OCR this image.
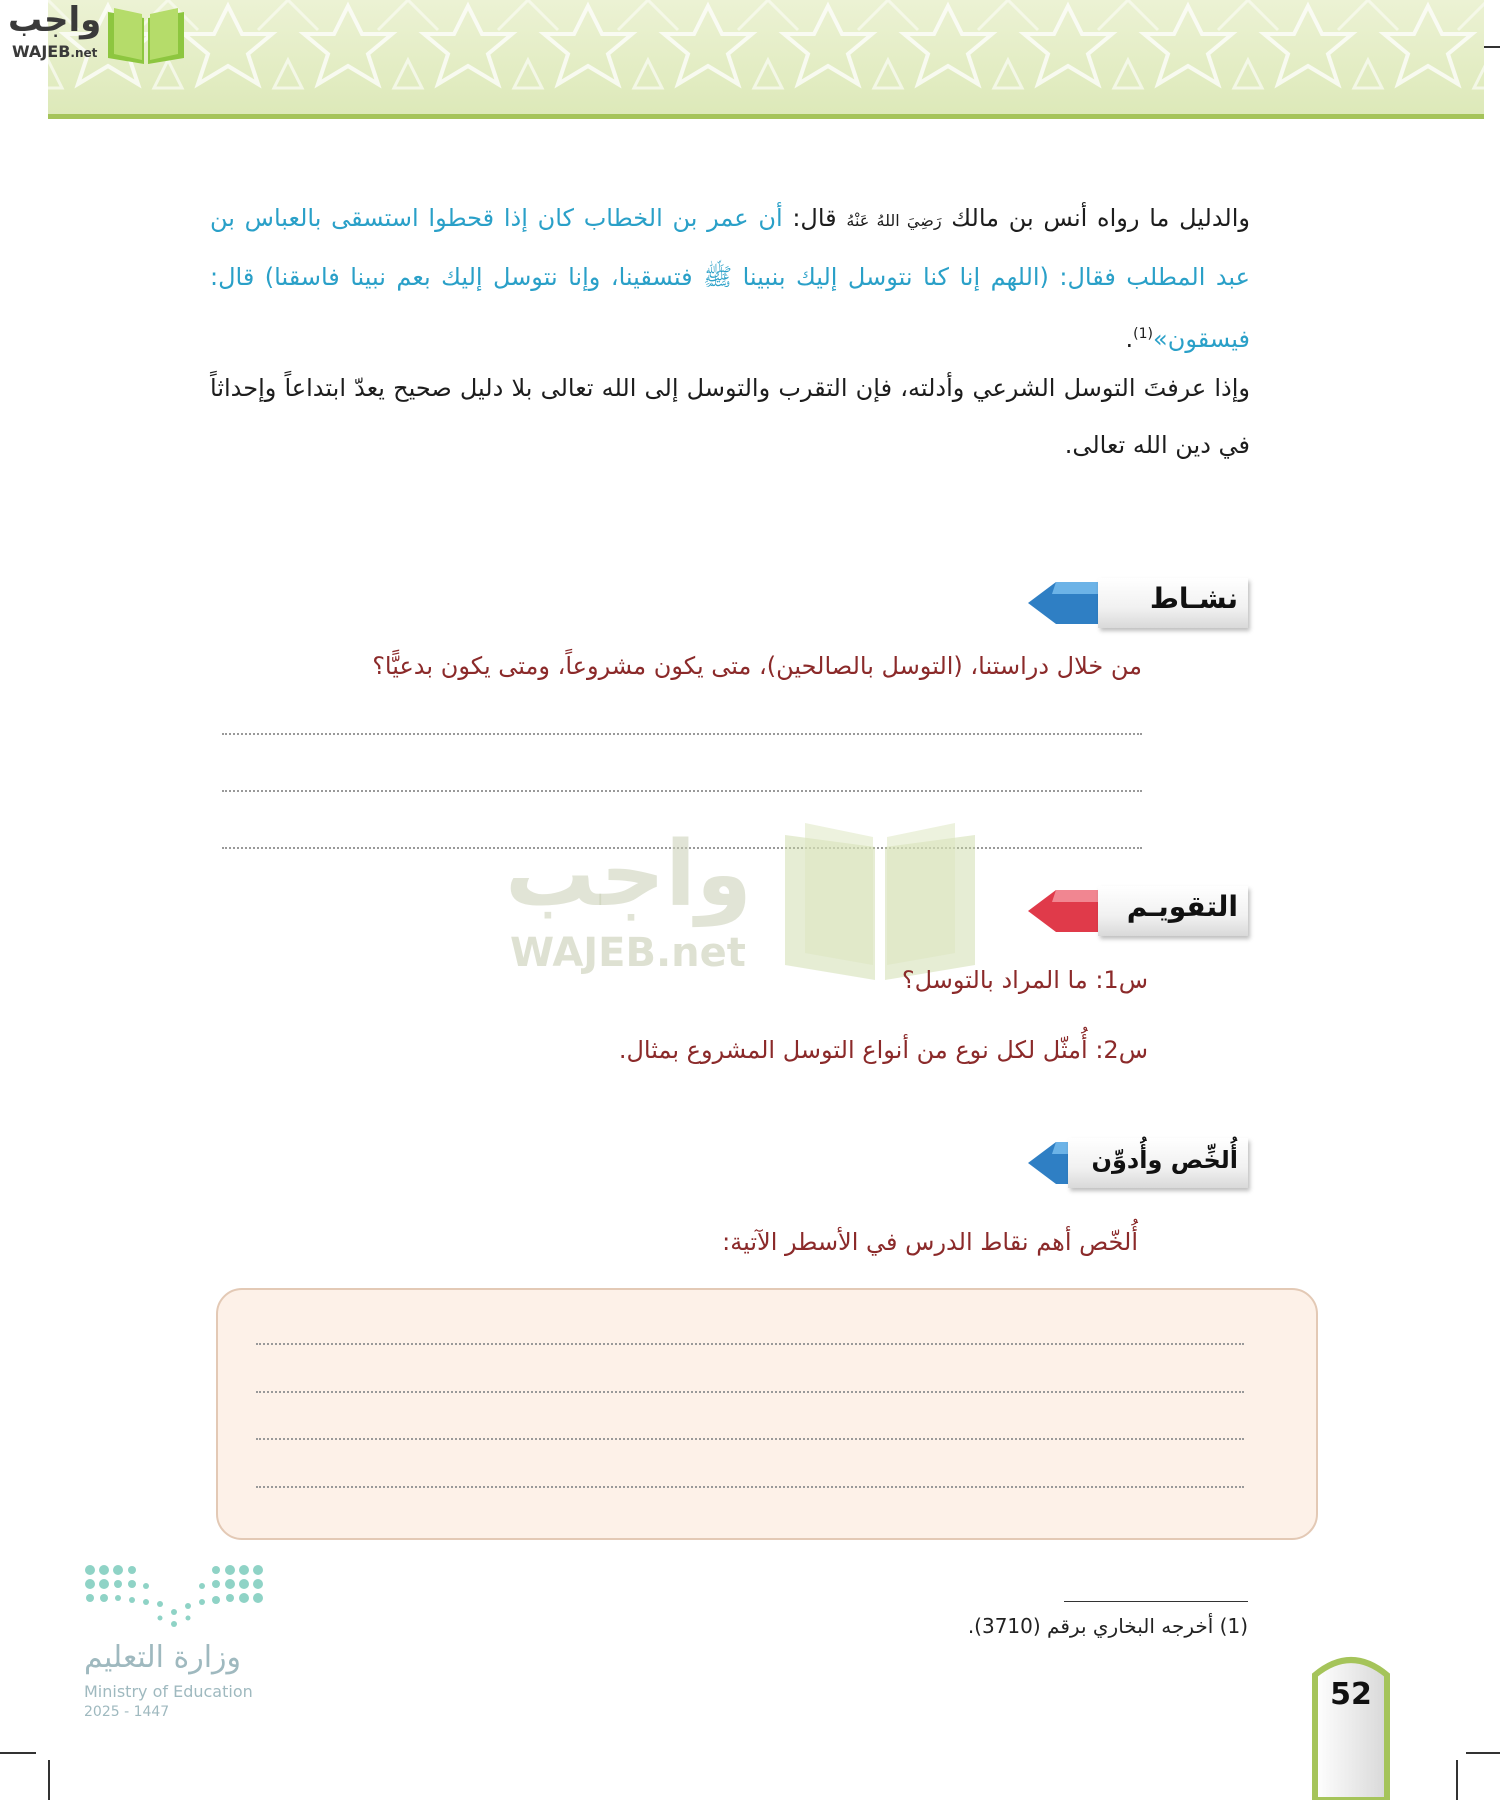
واجب
WAJEB.net
والدليل ما رواه أنس بن مالك رَضِيَ اللهُ عَنْهُ قال: أن عمر بن الخطاب كان إذا قحطوا استسقى بالعباس بن عبد المطلب فقال: (اللهم إنا كنا نتوسل إليك بنبينا ﷺ فتسقينا، وإنا نتوسل إليك بعم نبينا فاسقنا) قال: فيسقون»$^{(1)}$.
وإذا عرفتَ التوسل الشرعي وأدلته، فإن التقرب والتوسل إلى الله تعالى بلا دليل صحيح يعدّ ابتداعاً وإحداثاً في دين الله تعالى.
نشـاط
من خلال دراستنا، (التوسل بالصالحين)، متى يكون مشروعاً، ومتى يكون بدعيًّا؟
واجب
WAJEB.net
التقويـم
س1: ما المراد بالتوسل؟
س2: أُمثّل لكل نوع من أنواع التوسل المشروع بمثال.
أُلخِّص وأُدوِّن
أُلخّص أهم نقاط الدرس في الأسطر الآتية:
(1) أخرجه البخاري برقم (3710).
وزارة التعليم
Ministry of Education
2025 - 1447	52
